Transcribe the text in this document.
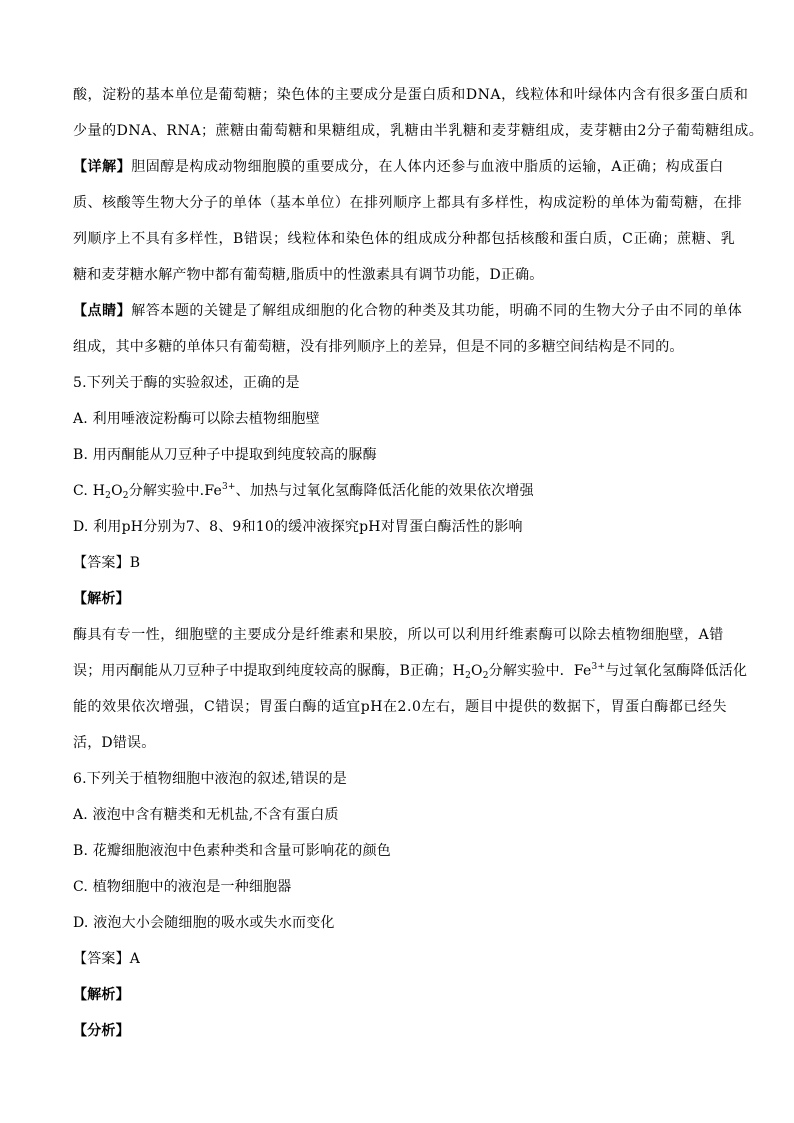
酸，淀粉的基本单位是葡萄糖；染色体的主要成分是蛋白质和DNA，线粒体和叶绿体内含有很多蛋白质和
少量的DNA、RNA；蔗糖由葡萄糖和果糖组成，乳糖由半乳糖和麦芽糖组成，麦芽糖由2分子葡萄糖组成。
【详解】胆固醇是构成动物细胞膜的重要成分，在人体内还参与血液中脂质的运输，A正确；构成蛋白
质、核酸等生物大分子的单体（基本单位）在排列顺序上都具有多样性，构成淀粉的单体为葡萄糖，在排
列顺序上不具有多样性，B错误；线粒体和染色体的组成成分种都包括核酸和蛋白质，C正确；蔗糖、乳
糖和麦芽糖水解产物中都有葡萄糖,脂质中的性激素具有调节功能，D正确。
【点睛】解答本题的关键是了解组成细胞的化合物的种类及其功能，明确不同的生物大分子由不同的单体
组成，其中多糖的单体只有葡萄糖，没有排列顺序上的差异，但是不同的多糖空间结构是不同的。
5.下列关于酶的实验叙述，正确的是
A. 利用唾液淀粉酶可以除去植物细胞壁
B. 用丙酮能从刀豆种子中提取到纯度较高的脲酶
C. $H_2O_2$分解实验中$.Fe^{3+}$、加热与过氧化氢酶降低活化能的效果依次增强
D. 利用pH分别为7、8、9和10的缓冲液探究pH对胃蛋白酶活性的影响
【答案】B
【解析】
酶具有专一性，细胞壁的主要成分是纤维素和果胶，所以可以利用纤维素酶可以除去植物细胞壁，A错
误；用丙酮能从刀豆种子中提取到纯度较高的脲酶，B正确；$H_2O_2$分解实验中．$Fe^{3+}$与过氧化氢酶降低活化
能的效果依次增强，C错误；胃蛋白酶的适宜pH在2.0左右，题目中提供的数据下，胃蛋白酶都已经失
活，D错误。
6.下列关于植物细胞中液泡的叙述,错误的是
A. 液泡中含有糖类和无机盐,不含有蛋白质
B. 花瓣细胞液泡中色素种类和含量可影响花的颜色
C. 植物细胞中的液泡是一种细胞器
D. 液泡大小会随细胞的吸水或失水而变化
【答案】A
【解析】
【分析】
